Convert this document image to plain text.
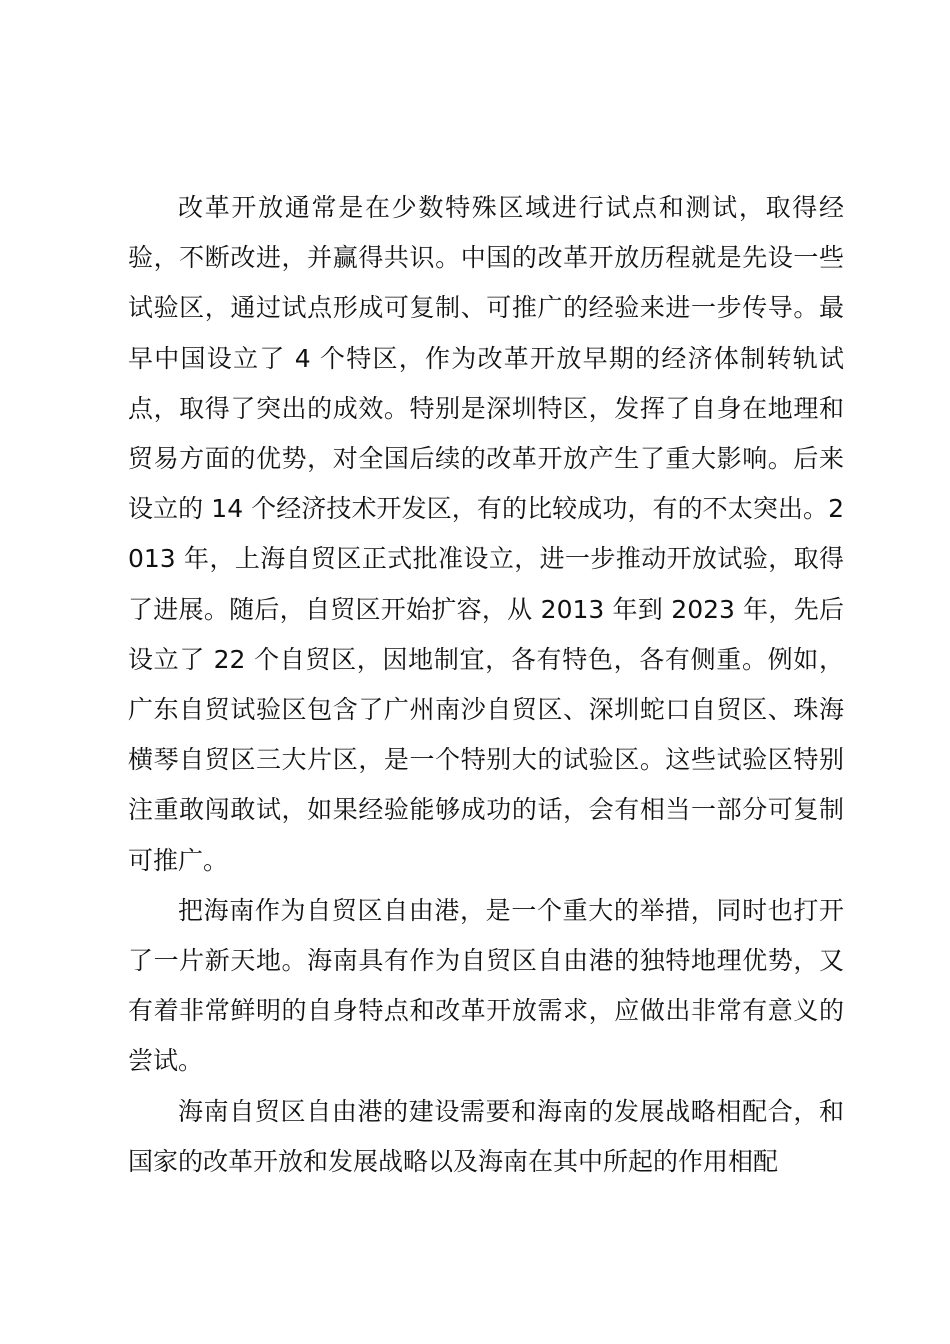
改革开放通常是在少数特殊区域进行试点和测试，取得经验，不断改进，并赢得共识。中国的改革开放历程就是先设一些试验区，通过试点形成可复制、可推广的经验来进一步传导。最早中国设立了 4 个特区，作为改革开放早期的经济体制转轨试点，取得了突出的成效。特别是深圳特区，发挥了自身在地理和贸易方面的优势，对全国后续的改革开放产生了重大影响。后来设立的 14 个经济技术开发区，有的比较成功，有的不太突出。2013 年，上海自贸区正式批准设立，进一步推动开放试验，取得了进展。随后，自贸区开始扩容，从 2013 年到 2023 年，先后设立了 22 个自贸区，因地制宜，各有特色，各有侧重。例如，广东自贸试验区包含了广州南沙自贸区、深圳蛇口自贸区、珠海横琴自贸区三大片区，是一个特别大的试验区。这些试验区特别注重敢闯敢试，如果经验能够成功的话，会有相当一部分可复制可推广。

把海南作为自贸区自由港，是一个重大的举措，同时也打开了一片新天地。海南具有作为自贸区自由港的独特地理优势，又有着非常鲜明的自身特点和改革开放需求，应做出非常有意义的尝试。

海南自贸区自由港的建设需要和海南的发展战略相配合，和国家的改革开放和发展战略以及海南在其中所起的作用相配
